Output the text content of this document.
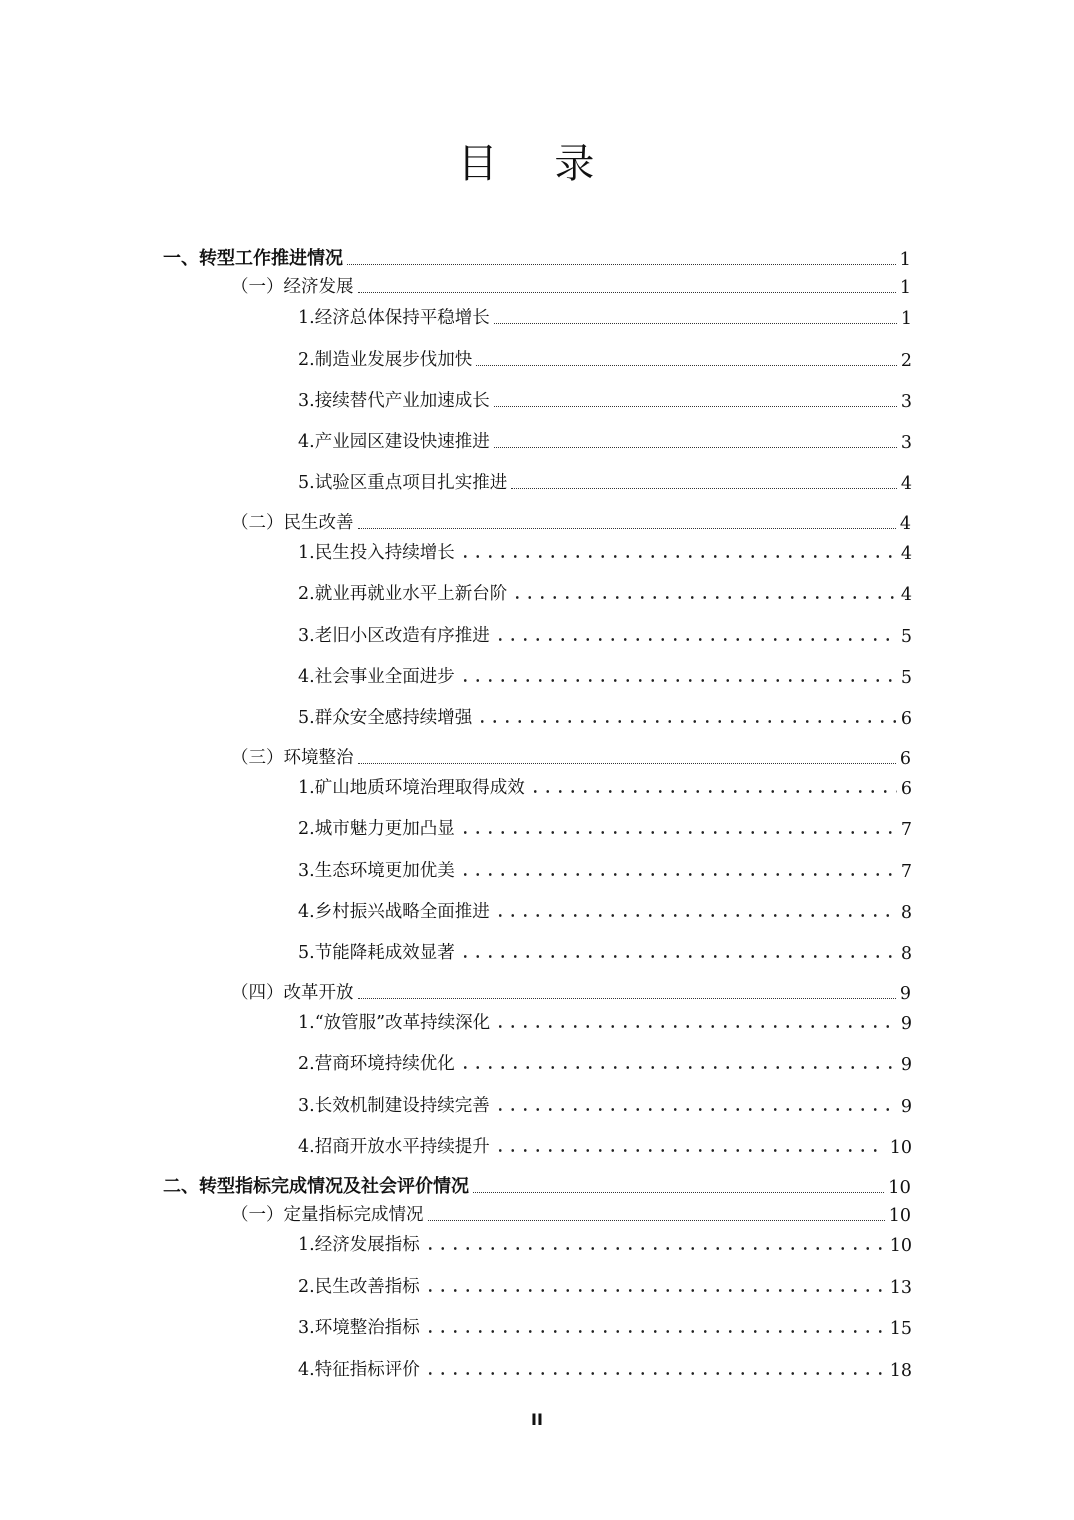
目 录
一、转型工作推进情况	1
（一）经济发展	1
1.经济总体保持平稳增长	1
2.制造业发展步伐加快	2
3.接续替代产业加速成长	3
4.产业园区建设快速推进	3
5.试验区重点项目扎实推进	4
（二）民生改善	4
1.民生投入持续增长	4
2.就业再就业水平上新台阶	4
3.老旧小区改造有序推进	5
4.社会事业全面进步	5
5.群众安全感持续增强	6
（三）环境整治	6
1.矿山地质环境治理取得成效	6
2.城市魅力更加凸显	7
3.生态环境更加优美	7
4.乡村振兴战略全面推进	8
5.节能降耗成效显著	8
（四）改革开放	9
1.“放管服”改革持续深化	9
2.营商环境持续优化	9
3.长效机制建设持续完善	9
4.招商开放水平持续提升	10
二、转型指标完成情况及社会评价情况	10
（一）定量指标完成情况	10
1.经济发展指标	10
2.民生改善指标	13
3.环境整治指标	15
4.特征指标评价	18
II
